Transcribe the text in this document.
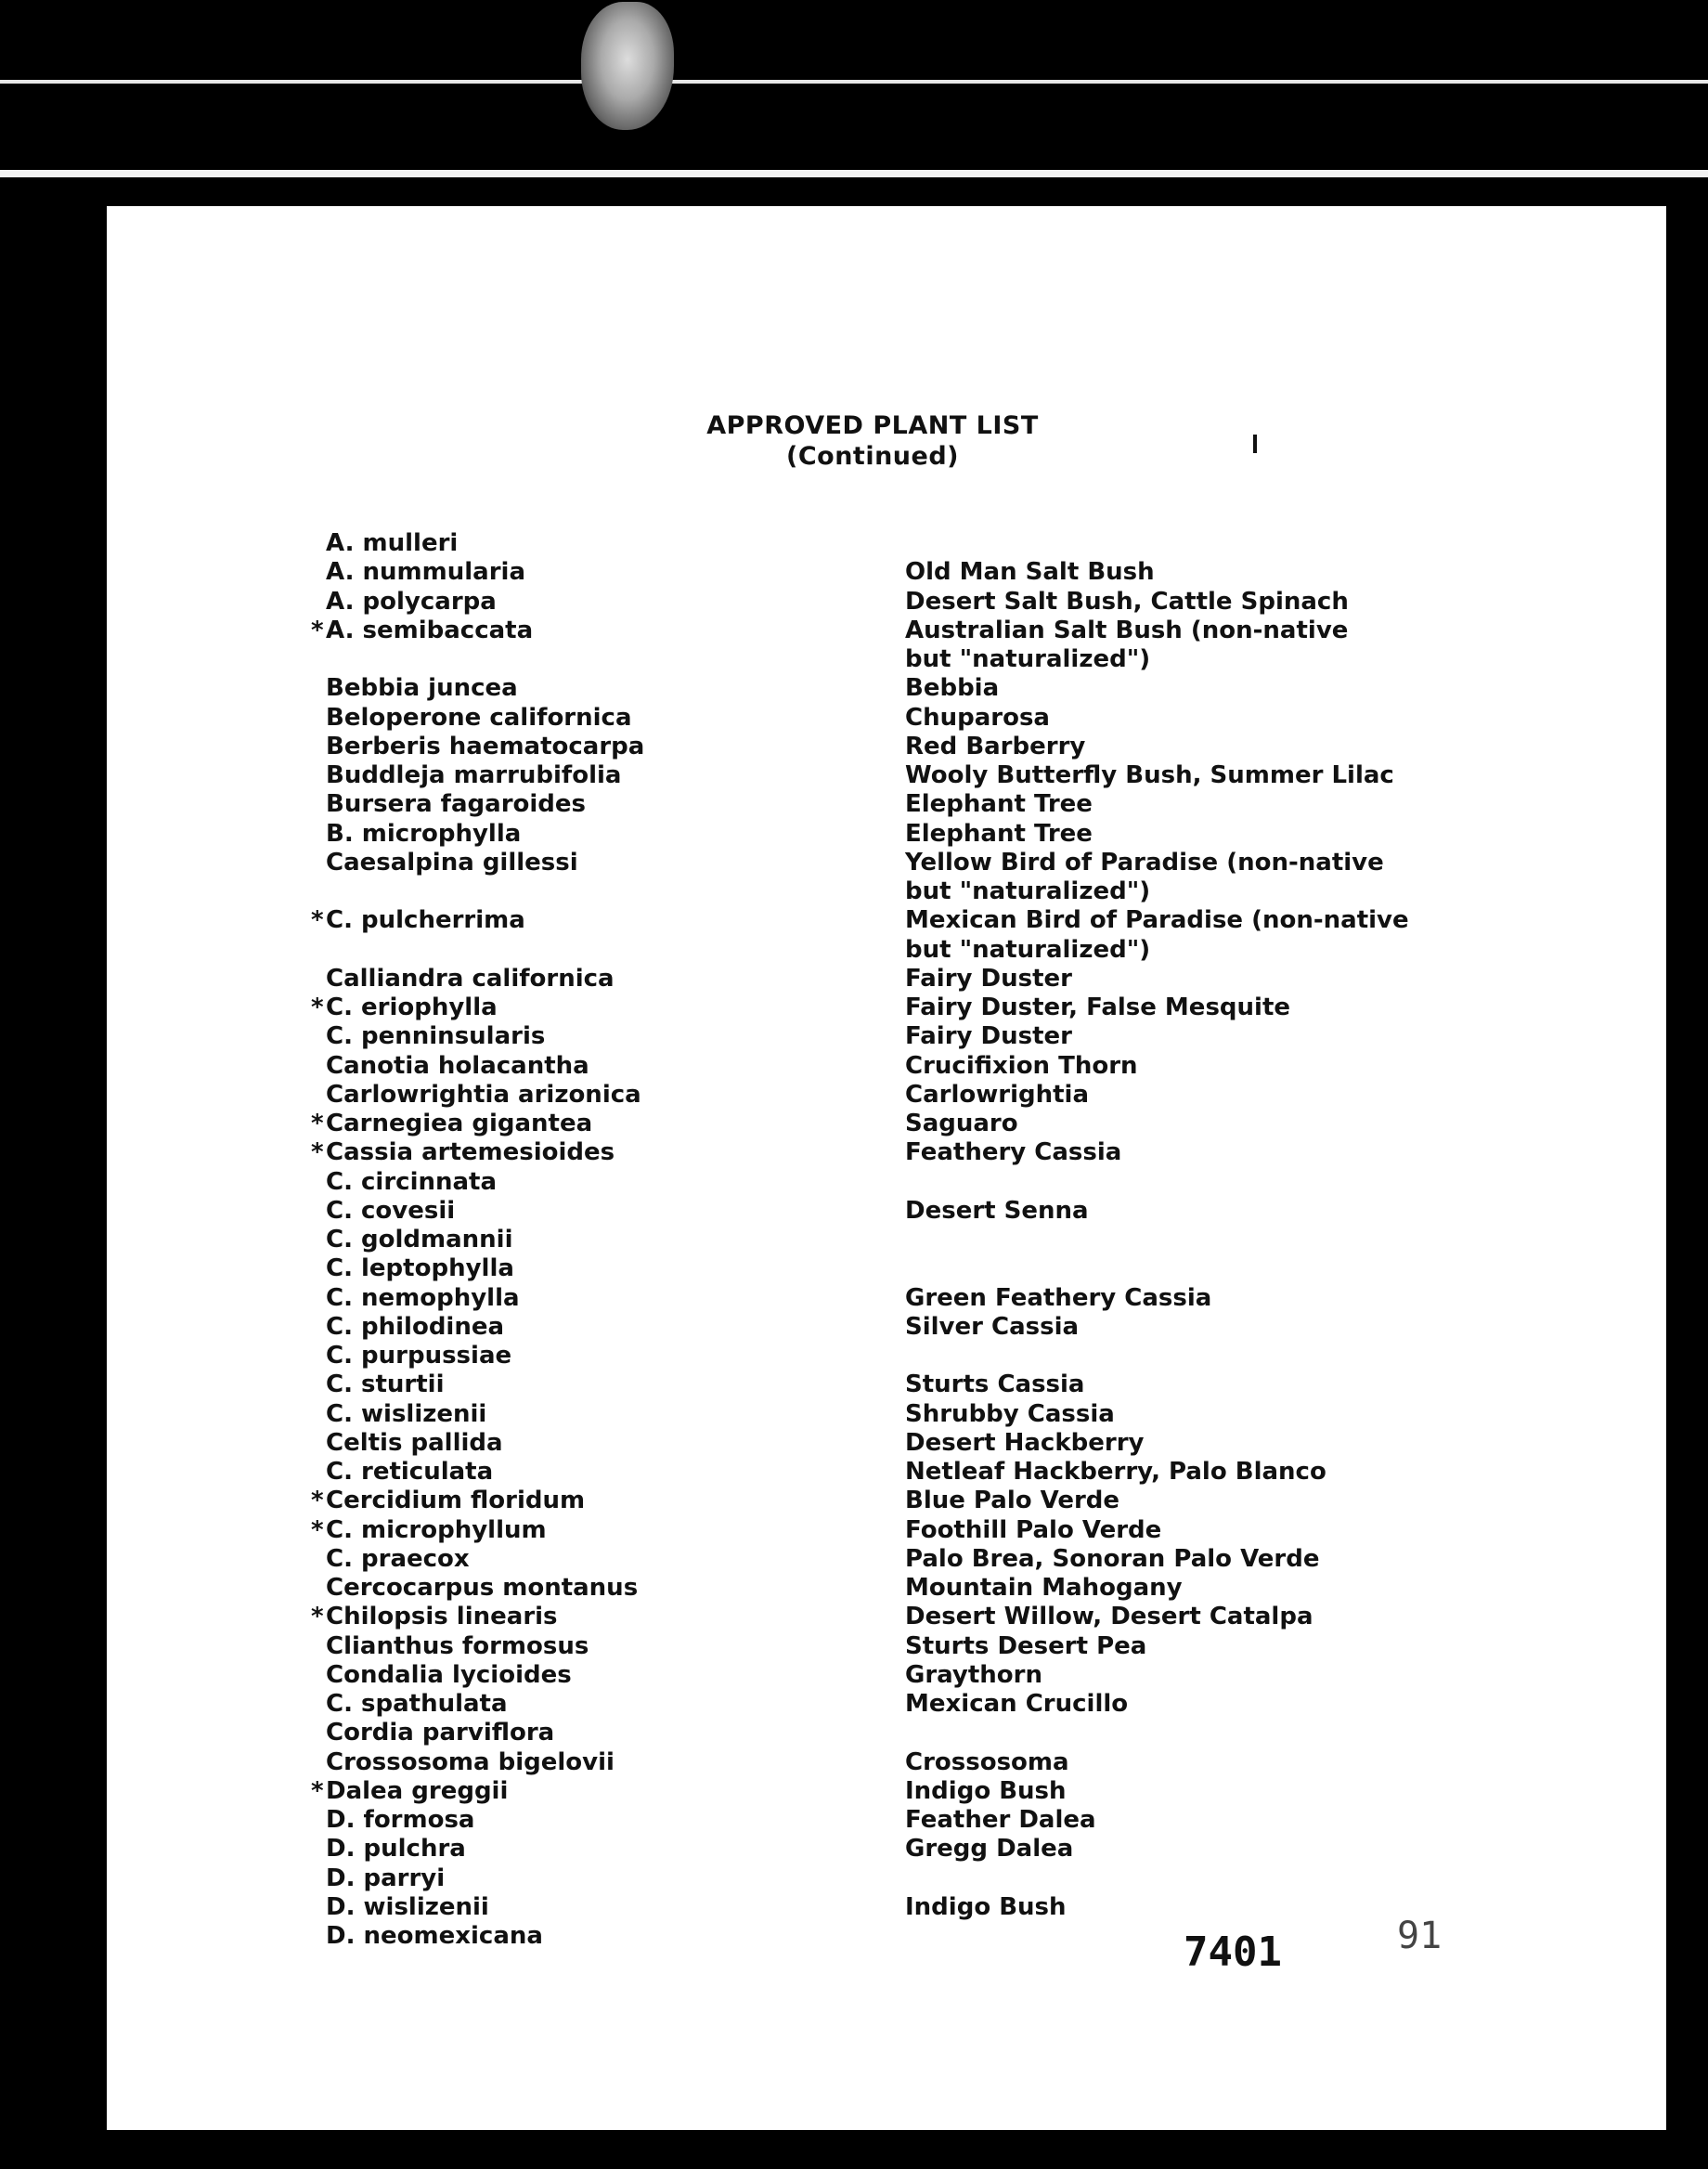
APPROVED PLANT LIST
(Continued)
A. mulleri
A. nummularia	Old Man Salt Bush
A. polycarpa	Desert Salt Bush, Cattle Spinach
* A. semibaccata	Australian Salt Bush (non-native
but "naturalized")
Bebbia juncea	Bebbia
Beloperone californica	Chuparosa
Berberis haematocarpa	Red Barberry
Buddleja marrubifolia	Wooly Butterfly Bush, Summer Lilac
Bursera fagaroides	Elephant Tree
B. microphylla	Elephant Tree
Caesalpina gillessi	Yellow Bird of Paradise (non-native
but "naturalized")
* C. pulcherrima	Mexican Bird of Paradise (non-native
but "naturalized")
Calliandra californica	Fairy Duster
* C. eriophylla	Fairy Duster, False Mesquite
C. penninsularis	Fairy Duster
Canotia holacantha	Crucifixion Thorn
Carlowrightia arizonica	Carlowrightia
* Carnegiea gigantea	Saguaro
* Cassia artemesioides	Feathery Cassia
C. circinnata
C. covesii	Desert Senna
C. goldmannii
C. leptophylla
C. nemophylla	Green Feathery Cassia
C. philodinea	Silver Cassia
C. purpussiae
C. sturtii	Sturts Cassia
C. wislizenii	Shrubby Cassia
Celtis pallida	Desert Hackberry
C. reticulata	Netleaf Hackberry, Palo Blanco
* Cercidium floridum	Blue Palo Verde
* C. microphyllum	Foothill Palo Verde
C. praecox	Palo Brea, Sonoran Palo Verde
Cercocarpus montanus	Mountain Mahogany
* Chilopsis linearis	Desert Willow, Desert Catalpa
Clianthus formosus	Sturts Desert Pea
Condalia lycioides	Graythorn
C. spathulata	Mexican Crucillo
Cordia parviflora
Crossosoma bigelovii	Crossosoma
* Dalea greggii	Indigo Bush
D. formosa	Feather Dalea
D. pulchra	Gregg Dalea
D. parryi
D. wislizenii	Indigo Bush
D. neomexicana	7401	91
